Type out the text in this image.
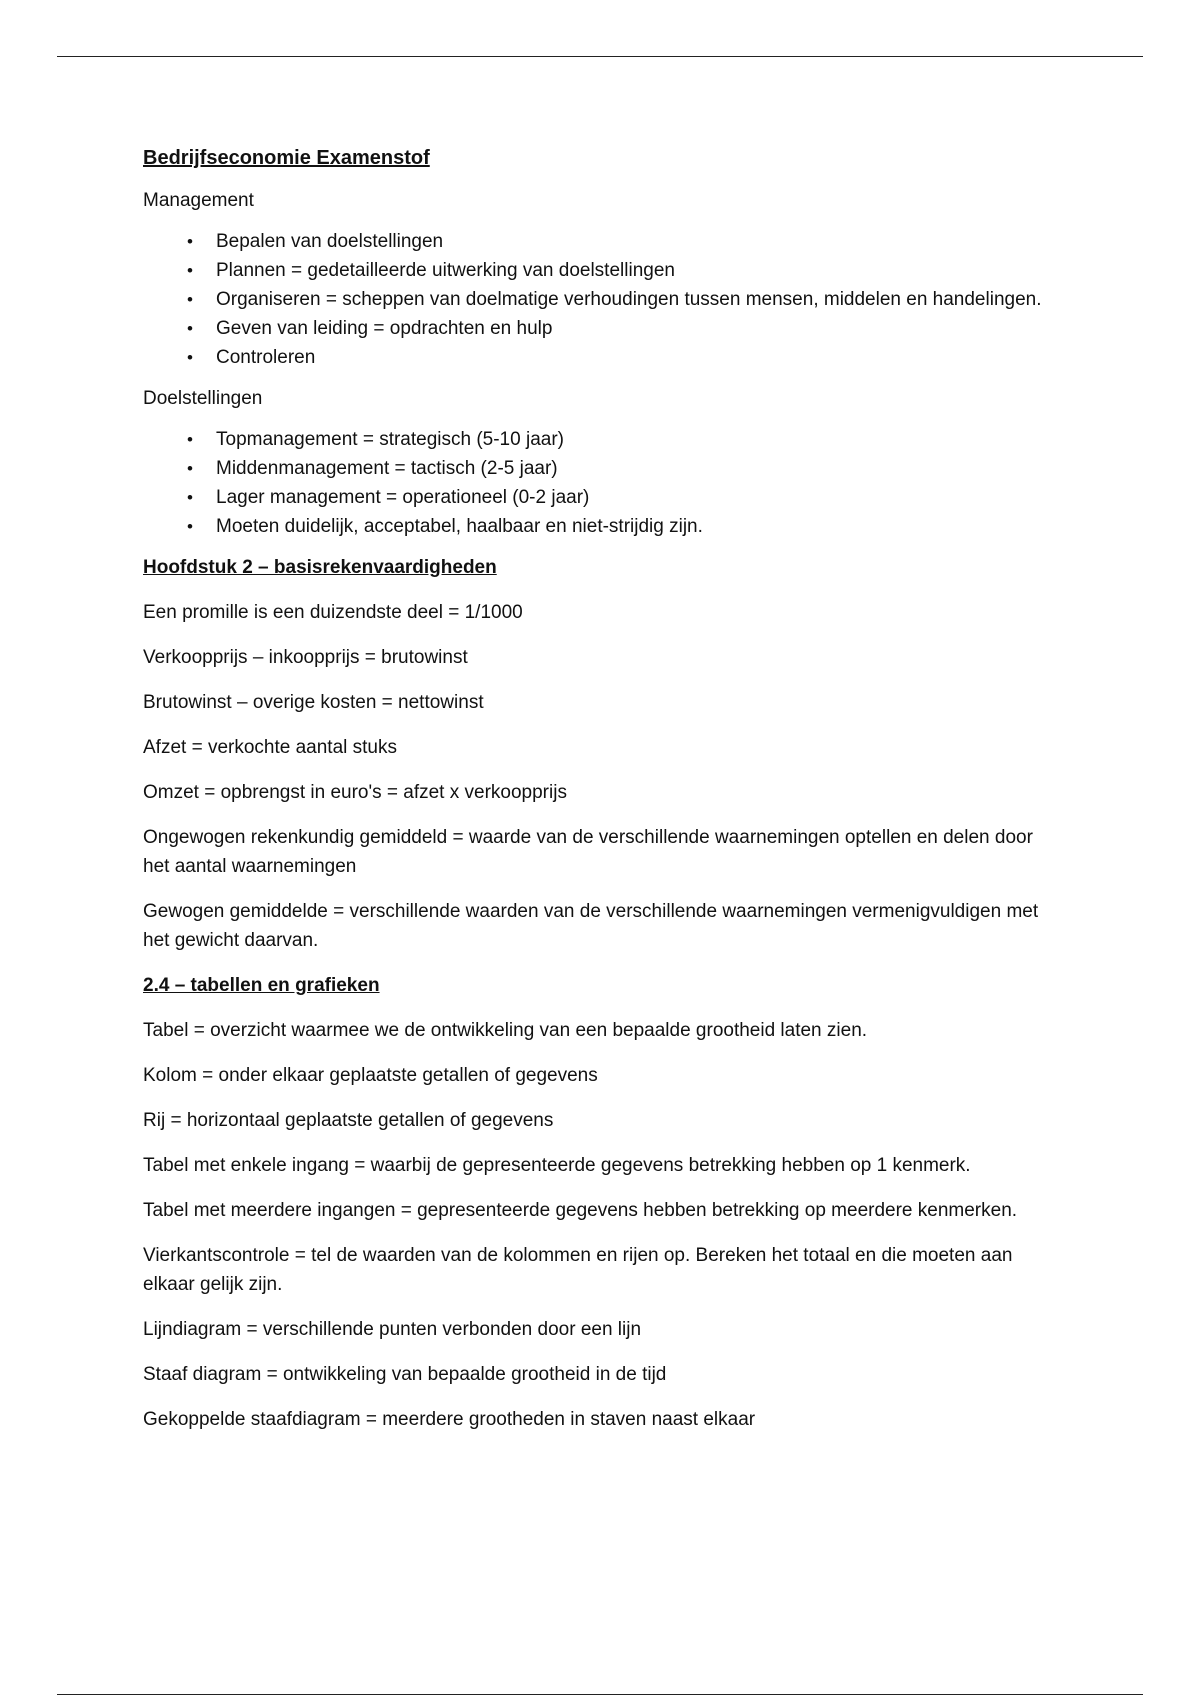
Bedrijfseconomie Examenstof
Management
•	Bepalen van doelstellingen
•	Plannen = gedetailleerde uitwerking van doelstellingen
•	Organiseren = scheppen van doelmatige verhoudingen tussen mensen, middelen en handelingen.
•	Geven van leiding = opdrachten en hulp
•	Controleren
Doelstellingen
•	Topmanagement = strategisch (5-10 jaar)
•	Middenmanagement = tactisch (2-5 jaar)
•	Lager management = operationeel (0-2 jaar)
•	Moeten duidelijk, acceptabel, haalbaar en niet-strijdig zijn.
Hoofdstuk 2 – basisrekenvaardigheden

Een promille is een duizendste deel = 1/1000

Verkoopprijs – inkoopprijs = brutowinst

Brutowinst – overige kosten = nettowinst

Afzet = verkochte aantal stuks

Omzet = opbrengst in euro's = afzet x verkoopprijs

Ongewogen rekenkundig gemiddeld = waarde van de verschillende waarnemingen optellen en delen door het aantal waarnemingen

Gewogen gemiddelde = verschillende waarden van de verschillende waarnemingen vermenigvuldigen met het gewicht daarvan.

2.4 – tabellen en grafieken

Tabel = overzicht waarmee we de ontwikkeling van een bepaalde grootheid laten zien.

Kolom = onder elkaar geplaatste getallen of gegevens

Rij = horizontaal geplaatste getallen of gegevens

Tabel met enkele ingang = waarbij de gepresenteerde gegevens betrekking hebben op 1 kenmerk.

Tabel met meerdere ingangen = gepresenteerde gegevens hebben betrekking op meerdere kenmerken.

Vierkantscontrole = tel de waarden van de kolommen en rijen op. Bereken het totaal en die moeten aan elkaar gelijk zijn.

Lijndiagram = verschillende punten verbonden door een lijn

Staaf diagram = ontwikkeling van bepaalde grootheid in de tijd

Gekoppelde staafdiagram = meerdere grootheden in staven naast elkaar
